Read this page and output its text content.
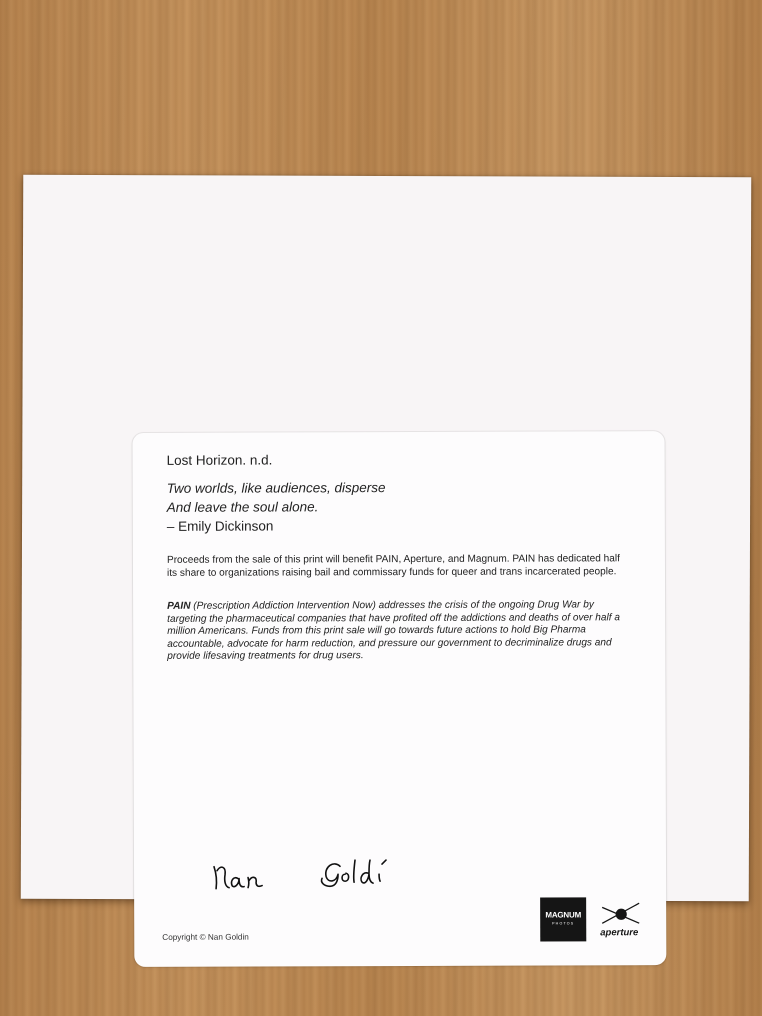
Lost Horizon. n.d.
Two worlds, like audiences, disperse
And leave the soul alone.
– Emily Dickinson
Proceeds from the sale of this print will benefit PAIN, Aperture, and Magnum. PAIN has dedicated half its share to organizations raising bail and commissary funds for queer and trans incarcerated people.
PAIN (Prescription Addiction Intervention Now) addresses the crisis of the ongoing Drug War by targeting the pharmaceutical companies that have profited off the addictions and deaths of over half a million Americans. Funds from this print sale will go towards future actions to hold Big Pharma accountable, advocate for harm reduction, and pressure our government to decriminalize drugs and provide lifesaving treatments for drug users.
Copyright © Nan Goldin
MAGNUM
PHOTOS
aperture
